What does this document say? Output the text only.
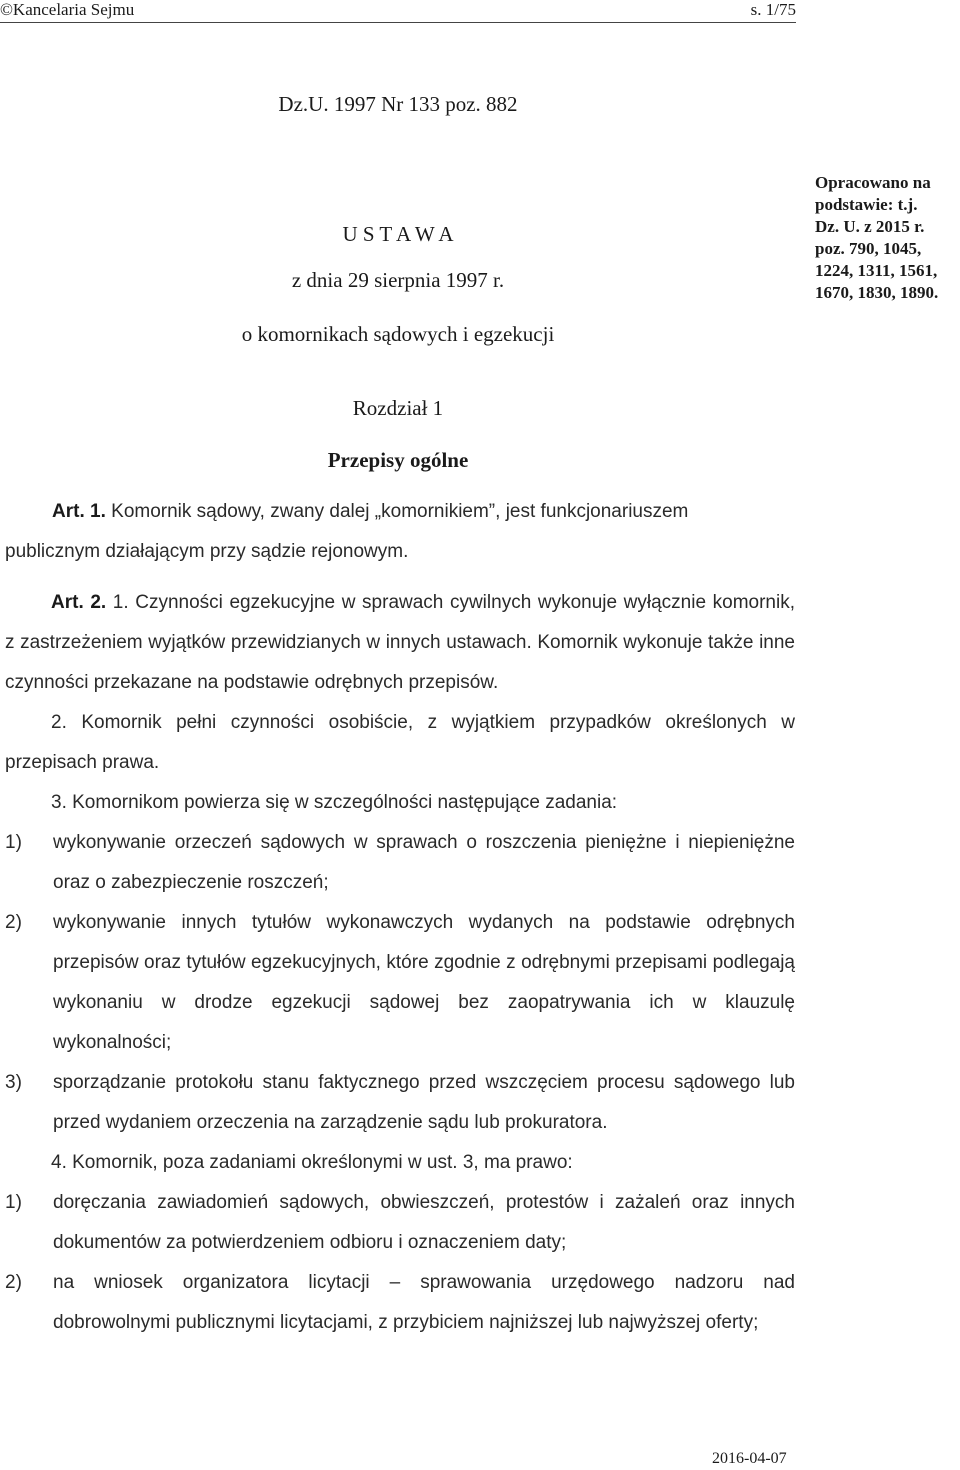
©Kancelaria Sejmu	s. 1/75
Dz.U. 1997 Nr 133 poz. 882
U S T A W A
z dnia 29 sierpnia 1997 r.
o komornikach sądowych i egzekucji
Opracowano na
podstawie: t.j.
Dz. U. z 2015 r.
poz. 790, 1045,
1224, 1311, 1561,
1670, 1830, 1890.
Rozdział 1
Przepisy ogólne
Art. 1. Komornik sądowy, zwany dalej „komornikiem”, jest funkcjonariuszem
publicznym działającym przy sądzie rejonowym.
Art. 2. 1. Czynności egzekucyjne w sprawach cywilnych wykonuje wyłącznie komornik, z zastrzeżeniem wyjątków przewidzianych w innych ustawach. Komornik wykonuje także inne czynności przekazane na podstawie odrębnych przepisów.
2. Komornik pełni czynności osobiście, z wyjątkiem przypadków określonych w przepisach prawa.
3. Komornikom powierza się w szczególności następujące zadania:
1) wykonywanie orzeczeń sądowych w sprawach o roszczenia pieniężne i niepieniężne oraz o zabezpieczenie roszczeń;
2) wykonywanie innych tytułów wykonawczych wydanych na podstawie odrębnych przepisów oraz tytułów egzekucyjnych, które zgodnie z odrębnymi przepisami podlegają wykonaniu w drodze egzekucji sądowej bez zaopatrywania ich w klauzulę wykonalności;
3) sporządzanie protokołu stanu faktycznego przed wszczęciem procesu sądowego lub przed wydaniem orzeczenia na zarządzenie sądu lub prokuratora.
4. Komornik, poza zadaniami określonymi w ust. 3, ma prawo:
1) doręczania zawiadomień sądowych, obwieszczeń, protestów i zażaleń oraz innych dokumentów za potwierdzeniem odbioru i oznaczeniem daty;
2) na wniosek organizatora licytacji – sprawowania urzędowego nadzoru nad dobrowolnymi publicznymi licytacjami, z przybiciem najniższej lub najwyższej oferty;
2016-04-07
